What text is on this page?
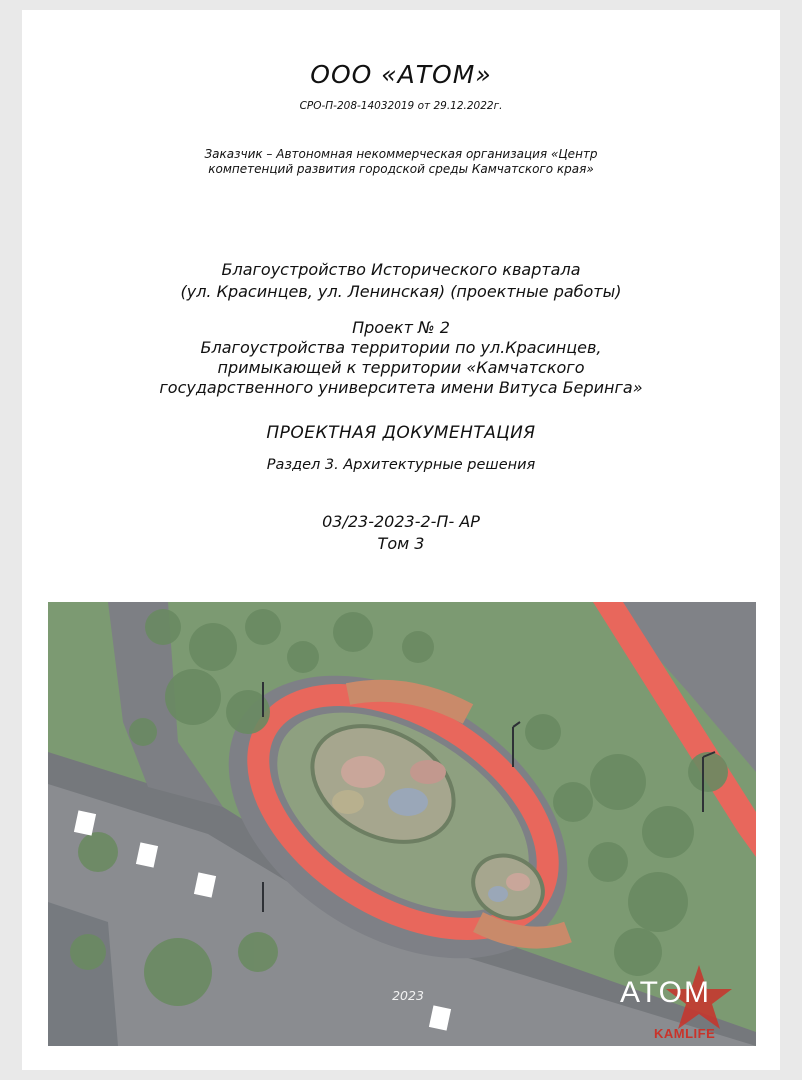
ООО «АТОМ»
СРО-П-208-14032019 от 29.12.2022г.
Заказчик – Автономная некоммерческая организация «Центр
компетенций развития городской среды Камчатского края»
Благоустройство Исторического квартала
(ул. Красинцев, ул. Ленинская) (проектные работы)
Проект № 2
Благоустройства территории по ул.Красинцев,
примыкающей к территории «Камчатского
государственного университета имени Витуса Беринга»
ПРОЕКТНАЯ ДОКУМЕНТАЦИЯ
Раздел 3. Архитектурные решения
03/23-2023-2-П- АР
Том 3
2023	АТОМ
KAMLIFE
